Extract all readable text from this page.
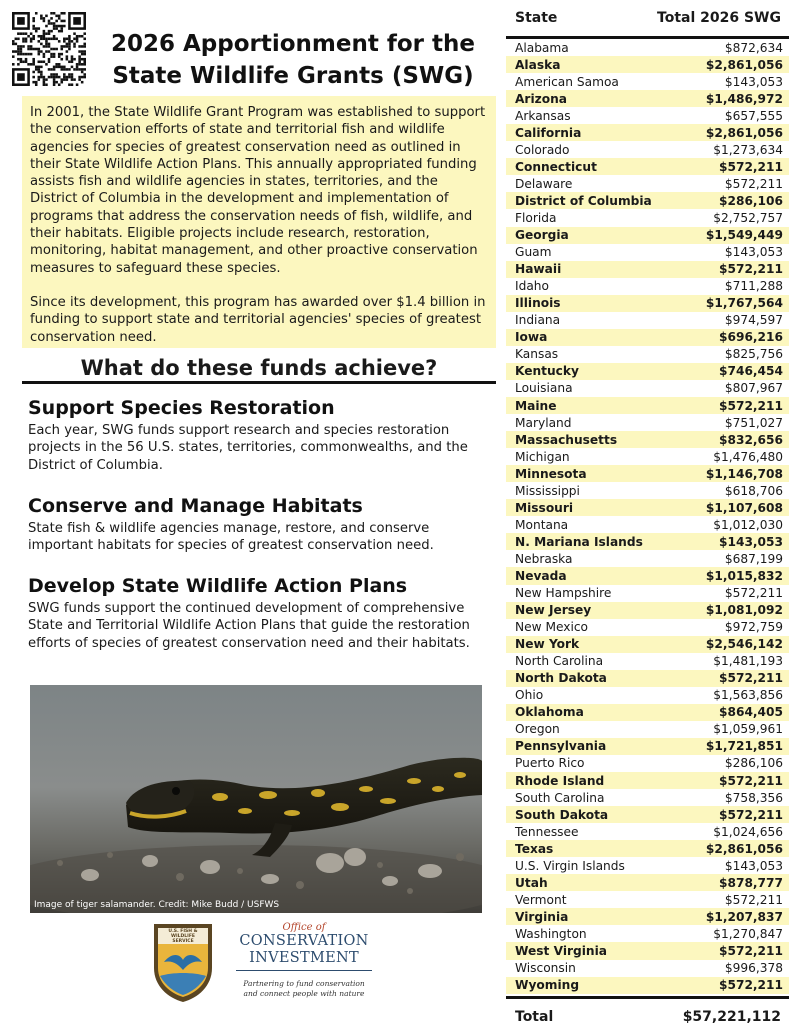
2026 Apportionment for the
State Wildlife Grants (SWG)

In 2001, the State Wildlife Grant Program was established to support the conservation efforts of state and territorial fish and wildlife agencies for species of greatest conservation need as outlined in their State Wildlife Action Plans. This annually appropriated funding assists fish and wildlife agencies in states, territories, and the District of Columbia in the development and implementation of programs that address the conservation needs of fish, wildlife, and their habitats. Eligible projects include research, restoration, monitoring, habitat management, and other proactive conservation measures to safeguard these species.

Since its development, this program has awarded over $1.4 billion in funding to support state and territorial agencies' species of greatest conservation need.

What do these funds achieve?
Support Species Restoration

Each year, SWG funds support research and species restoration projects in the 56 U.S. states, territories, commonwealths, and the District of Columbia.

Conserve and Manage Habitats

State fish & wildlife agencies manage, restore, and conserve important habitats for species of greatest conservation need.

Develop State Wildlife Action Plans

SWG funds support the continued development of comprehensive State and Territorial Wildlife Action Plans that guide the restoration efforts of species of greatest conservation need and their habitats.

Image of tiger salamander. Credit: Mike Budd / USFWS
U.S. FISH & WILDLIFE SERVICE
Office of
CONSERVATION
INVESTMENT
Partnering to fund conservation
and connect people with nature
State	Total 2026 SWG
Alabama	$872,634
Alaska	$2,861,056
American Samoa	$143,053
Arizona	$1,486,972
Arkansas	$657,555
California	$2,861,056
Colorado	$1,273,634
Connecticut	$572,211
Delaware	$572,211
District of Columbia	$286,106
Florida	$2,752,757
Georgia	$1,549,449
Guam	$143,053
Hawaii	$572,211
Idaho	$711,288
Illinois	$1,767,564
Indiana	$974,597
Iowa	$696,216
Kansas	$825,756
Kentucky	$746,454
Louisiana	$807,967
Maine	$572,211
Maryland	$751,027
Massachusetts	$832,656
Michigan	$1,476,480
Minnesota	$1,146,708
Mississippi	$618,706
Missouri	$1,107,608
Montana	$1,012,030
N. Mariana Islands	$143,053
Nebraska	$687,199
Nevada	$1,015,832
New Hampshire	$572,211
New Jersey	$1,081,092
New Mexico	$972,759
New York	$2,546,142
North Carolina	$1,481,193
North Dakota	$572,211
Ohio	$1,563,856
Oklahoma	$864,405
Oregon	$1,059,961
Pennsylvania	$1,721,851
Puerto Rico	$286,106
Rhode Island	$572,211
South Carolina	$758,356
South Dakota	$572,211
Tennessee	$1,024,656
Texas	$2,861,056
U.S. Virgin Islands	$143,053
Utah	$878,777
Vermont	$572,211
Virginia	$1,207,837
Washington	$1,270,847
West Virginia	$572,211
Wisconsin	$996,378
Wyoming	$572,211
Total	$57,221,112
